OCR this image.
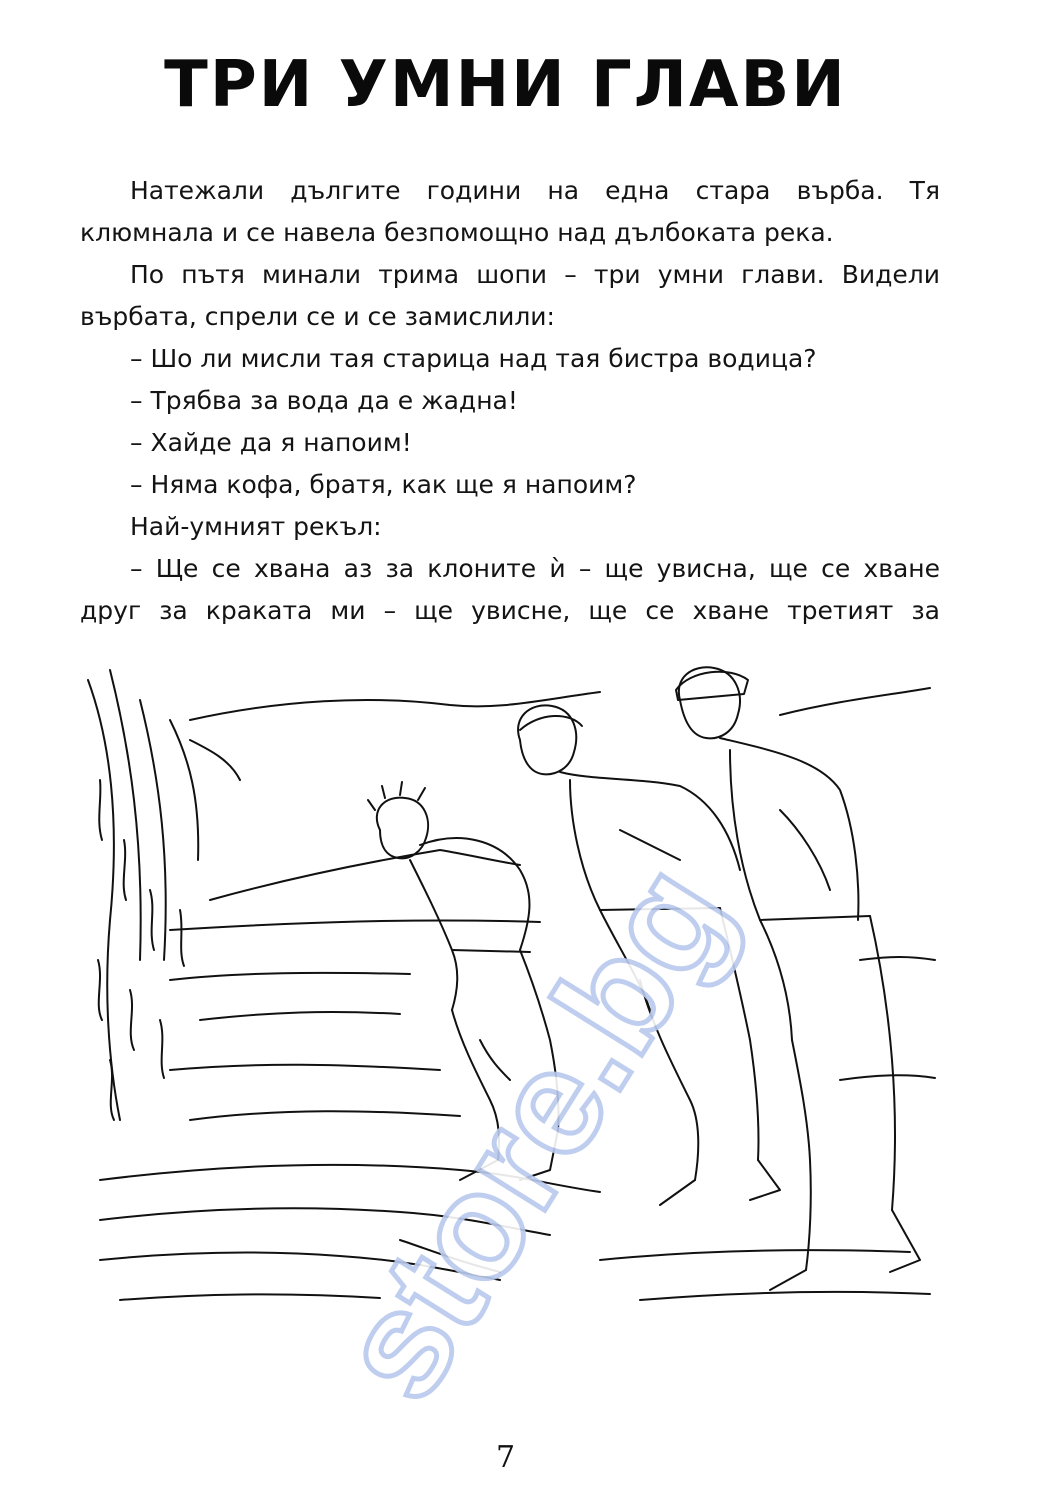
ТРИ УМНИ ГЛАВИ

Натежали дългите години на една стара върба. Тя

клюмнала и се навела безпомощно над дълбоката река.

По пътя минали трима шопи – три умни глави. Видели

върбата, спрели се и се замислили:

– Шо ли мисли тая старица над тая бистра водица?

– Трябва за вода да е жадна!

– Хайде да я напоим!

– Няма кофа, братя, как ще я напоим?

Най-умният рекъл:

– Ще се хвана аз за клоните ѝ – ще увисна, ще се хване

друг за краката ми – ще увисне, ще се хване третият за

7
store.bg
